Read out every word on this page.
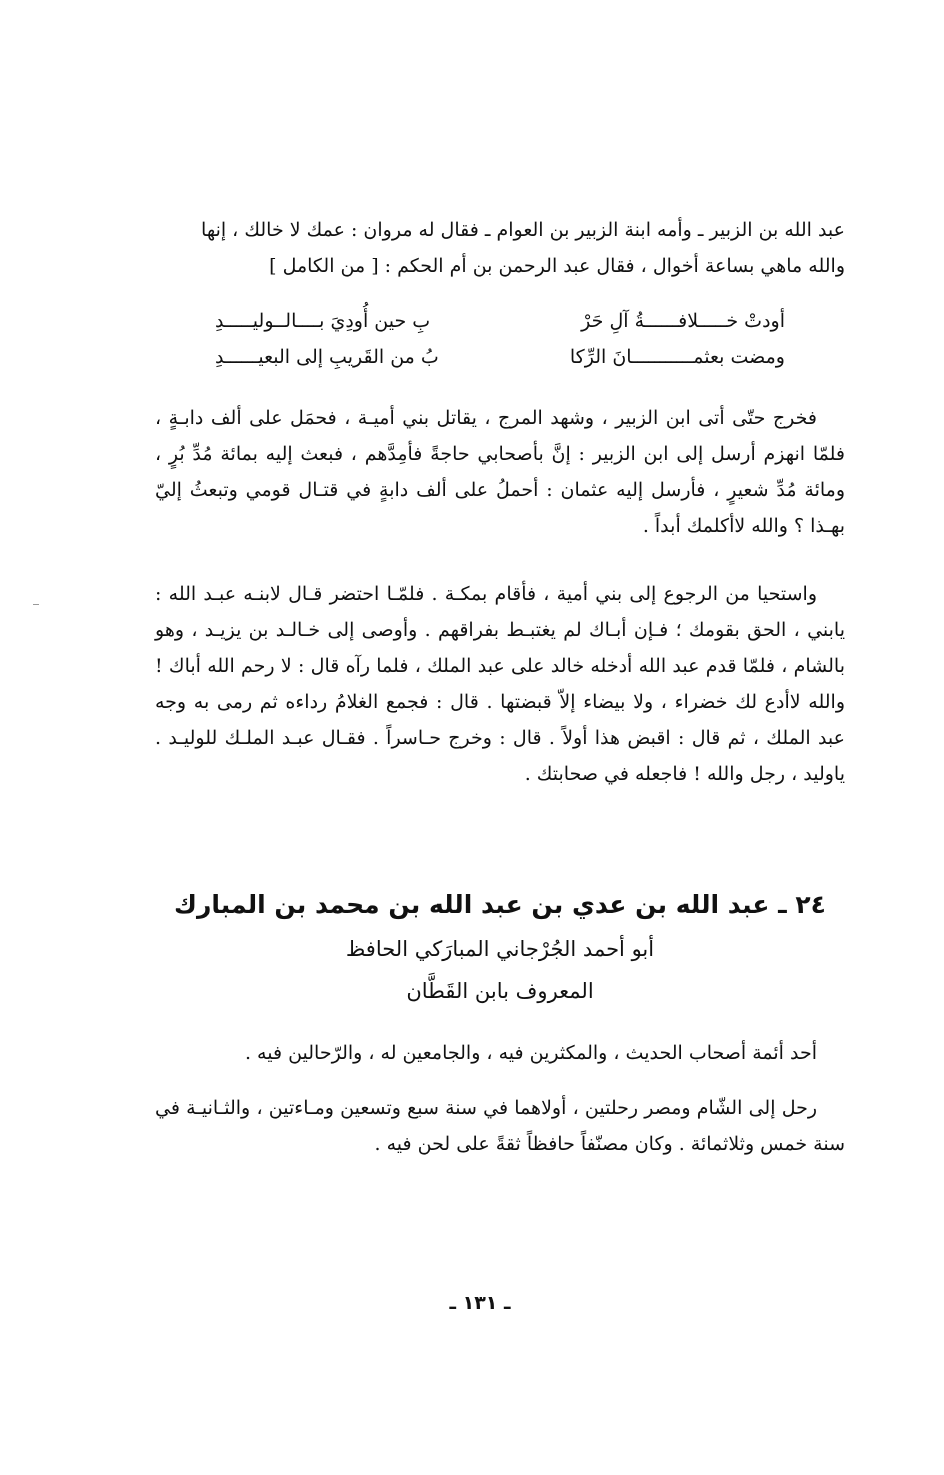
عبد الله بن الزبير ـ وأمه ابنة الزبير بن العوام ـ فقال له مروان : عمك لا خالك ، إنها
والله ماهي بساعة أخوال ، فقال عبد الرحمن بن أم الحكم : [ من الكامل ]
أودتْ خـــــلافــــــةُ آلِ حَرْ
بِ حين أُودِيَ بــــالــوليـــــدِ
ومضت بعثمـــــــــــانَ الرِّكا
بُ من القَريبِ إلى البعيــــــدِ

فخرج حتّى أتى ابن الزبير ، وشهد المرج ، يقاتل بني أميـة ، فحمَل على ألف دابـةٍ ، فلمّا انهزم أرسل إلى ابن الزبير : إنَّ بأصحابي حاجةً فأمِدَّهم ، فبعث إليه بمائة مُدِّ بُرٍ ، ومائة مُدِّ شعيرٍ ، فأرسل إليه عثمان : أحملُ على ألف دابةٍ في قتـال قومي وتبعثُ إليّ بهـذا ؟ والله لاأكلمك أبداً .

واستحيا من الرجوع إلى بني أمية ، فأقام بمكـة . فلمّـا احتضر قـال لابنـه عبـد الله : يابني ، الحق بقومك ؛ فـإن أبـاك لم يغتبـط بفراقهم . وأوصى إلى خـالـد بن يزيـد ، وهو بالشام ، فلمّا قدم عبد الله أدخله خالد على عبد الملك ، فلما رآه قال : لا رحم الله أباك ! والله لاأدع لك خضراء ، ولا بيضاء إلاّ قبضتها . قال : فجمع الغلامُ رداءه ثم رمى به وجه عبد الملك ، ثم قال : اقبض هذا أولاً . قال : وخرج حـاسراً . فقـال عبـد الملـك للوليـد . ياوليد ، رجل والله ! فاجعله في صحابتك .

٢٤ ـ عبد الله بن عدي بن عبد الله بن محمد بن المبارك
أبو أحمد الجُرْجاني المبارَكي الحافظ
المعروف بابن القَطَّان

أحد أئمة أصحاب الحديث ، والمكثرين فيه ، والجامعين له ، والرّحالين فيه .

رحل إلى الشّام ومصر رحلتين ، أولاهما في سنة سبع وتسعين ومـاءتين ، والثـانيـة في سنة خمس وثلاثمائة . وكان مصنّفاً حافظاً ثقةً على لحن فيه .

ـ ١٣١ ـ
